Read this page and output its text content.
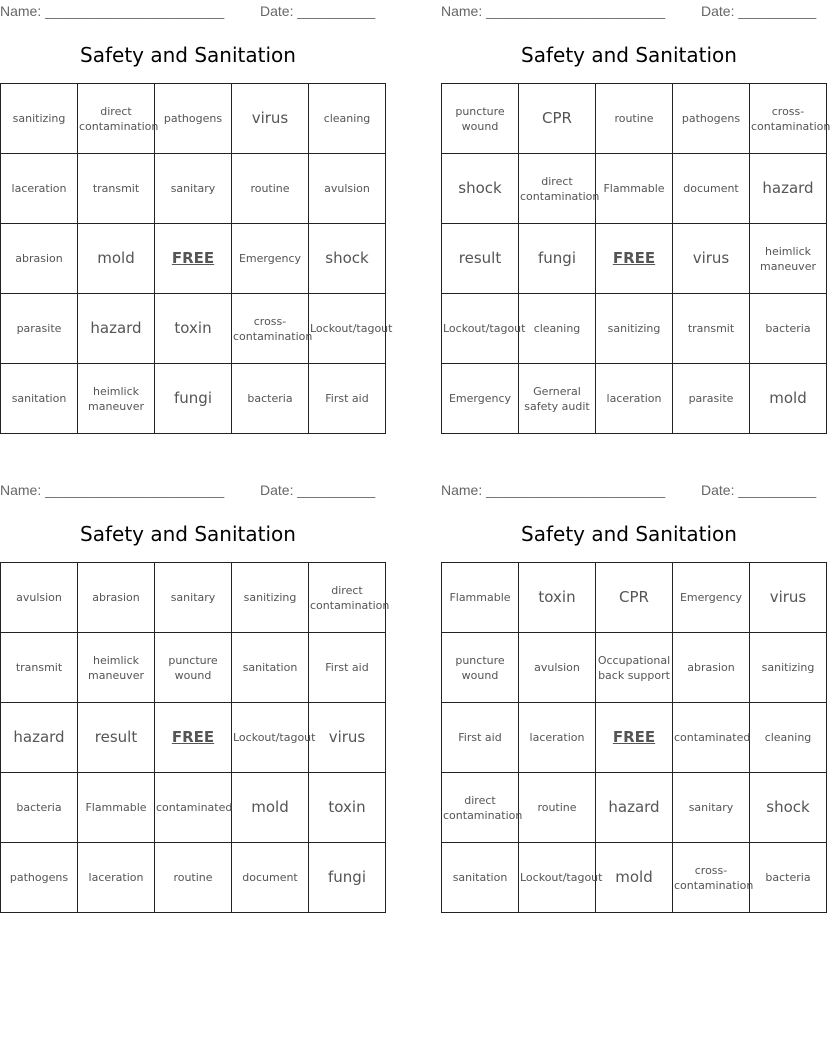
Name: _______________________	Date: __________
Safety and Sanitation
sanitizing	direct contamination	pathogens	virus	cleaning
laceration	transmit	sanitary	routine	avulsion
abrasion	mold	FREE	Emergency	shock
parasite	hazard	toxin	cross-contamination	Lockout/tagout
sanitation	heimlick maneuver	fungi	bacteria	First aid
Name: _______________________	Date: __________
Safety and Sanitation
puncture wound	CPR	routine	pathogens	cross-contamination
shock	direct contamination	Flammable	document	hazard
result	fungi	FREE	virus	heimlick maneuver
Lockout/tagout	cleaning	sanitizing	transmit	bacteria
Emergency	Gerneral safety audit	laceration	parasite	mold
Name: _______________________	Date: __________
Safety and Sanitation
avulsion	abrasion	sanitary	sanitizing	direct contamination
transmit	heimlick maneuver	puncture wound	sanitation	First aid
hazard	result	FREE	Lockout/tagout	virus
bacteria	Flammable	contaminated	mold	toxin
pathogens	laceration	routine	document	fungi
Name: _______________________	Date: __________
Safety and Sanitation
Flammable	toxin	CPR	Emergency	virus
puncture wound	avulsion	Occupational back support	abrasion	sanitizing
First aid	laceration	FREE	contaminated	cleaning
direct contamination	routine	hazard	sanitary	shock
sanitation	Lockout/tagout	mold	cross-contamination	bacteria
